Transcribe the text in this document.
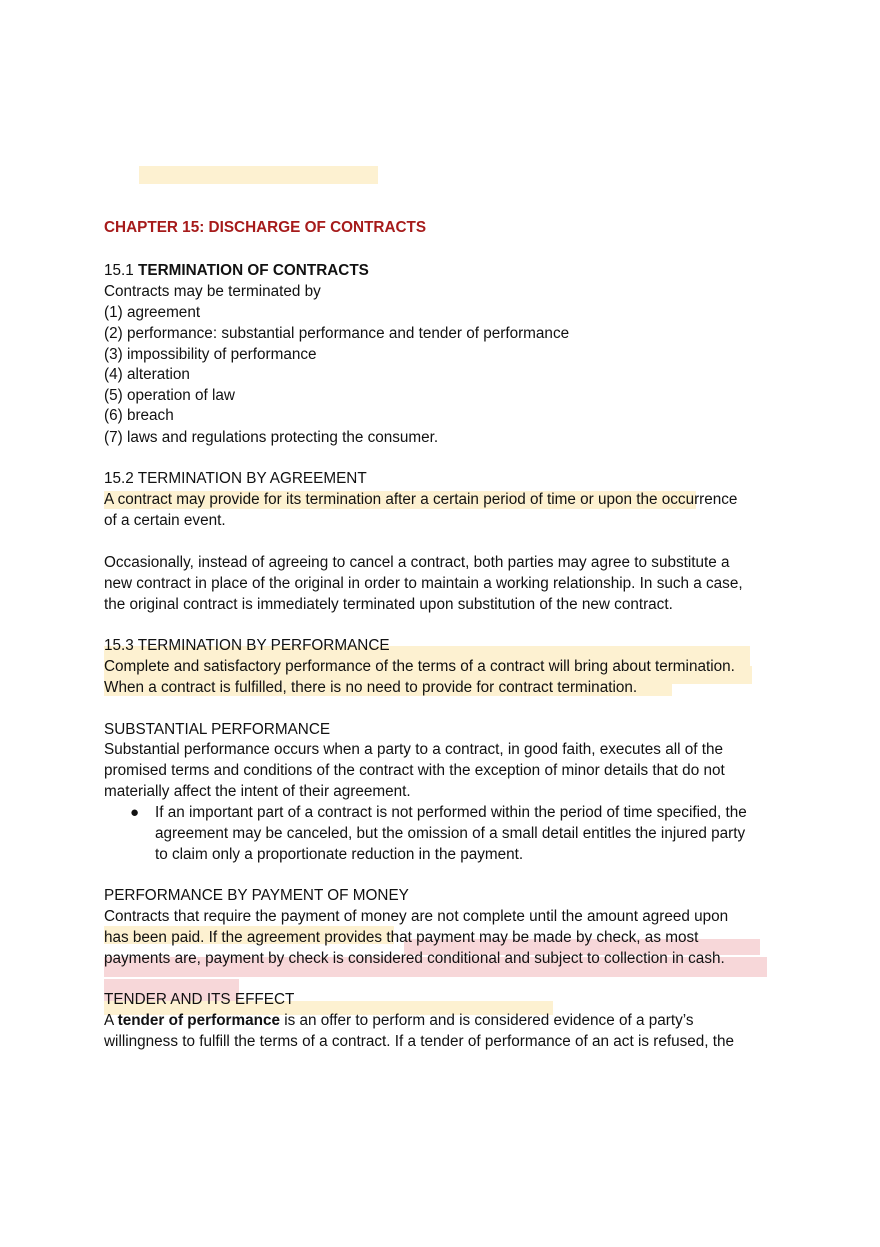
CHAPTER 15: DISCHARGE OF CONTRACTS
15.1 TERMINATION OF CONTRACTS
Contracts may be terminated by
(1) agreement
(2) performance: substantial performance and tender of performance
(3) impossibility of performance
(4) alteration
(5) operation of law
(6) breach
(7) laws and regulations protecting the consumer.
15.2 TERMINATION BY AGREEMENT
A contract may provide for its termination after a certain period of time or upon the occurrence
of a certain event.
Occasionally, instead of agreeing to cancel a contract, both parties may agree to substitute a
new contract in place of the original in order to maintain a working relationship. In such a case,
the original contract is immediately terminated upon substitution of the new contract.
15.3 TERMINATION BY PERFORMANCE
Complete and satisfactory performance of the terms of a contract will bring about termination.
When a contract is fulfilled, there is no need to provide for contract termination.
SUBSTANTIAL PERFORMANCE
Substantial performance occurs when a party to a contract, in good faith, executes all of the
promised terms and conditions of the contract with the exception of minor details that do not
materially affect the intent of their agreement.
● If an important part of a contract is not performed within the period of time specified, the
agreement may be canceled, but the omission of a small detail entitles the injured party
to claim only a proportionate reduction in the payment.
PERFORMANCE BY PAYMENT OF MONEY
Contracts that require the payment of money are not complete until the amount agreed upon
has been paid. If the agreement provides that payment may be made by check, as most
payments are, payment by check is considered conditional and subject to collection in cash.
TENDER AND ITS EFFECT
A tender of performance is an offer to perform and is considered evidence of a party’s
willingness to fulfill the terms of a contract. If a tender of performance of an act is refused, the
